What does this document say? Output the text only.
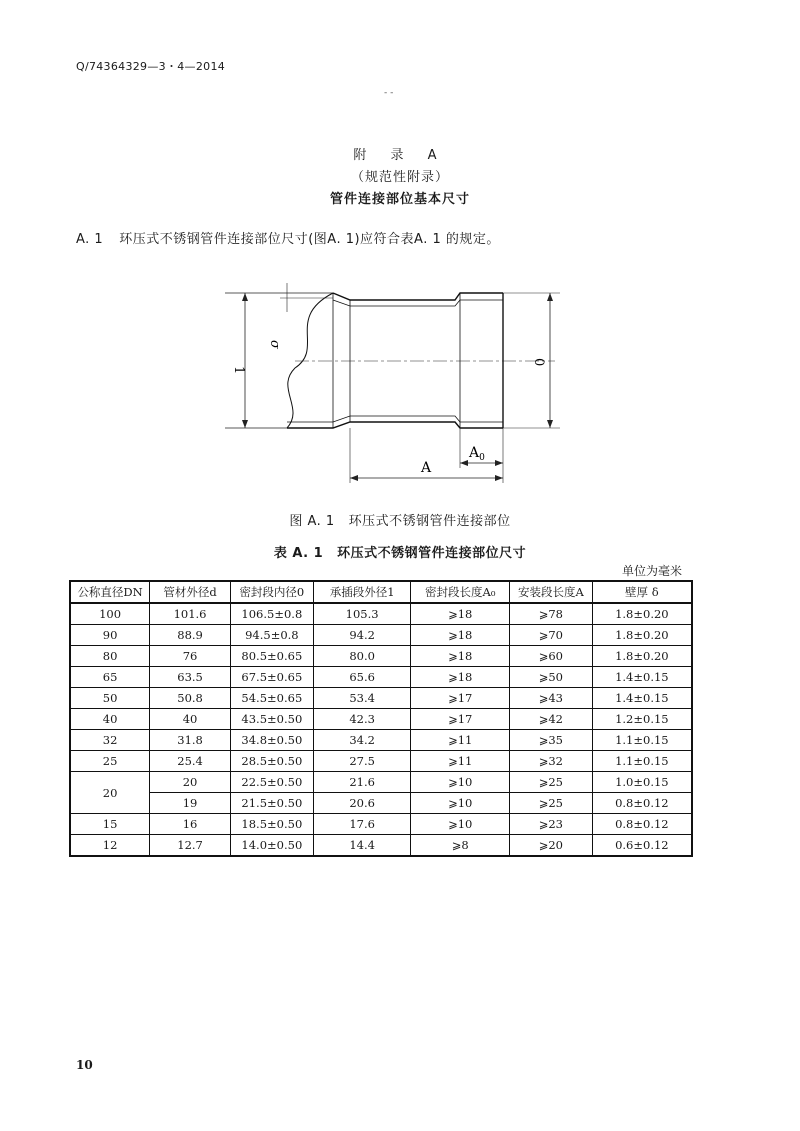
Q/74364329—3・4—2014
- -
附 录 A
（规范性附录）
管件连接部位基本尺寸
A. 1 环压式不锈钢管件连接部位尺寸(图A. 1)应符合表A. 1 的规定。
1
σ
0
A
$A_0$
图 A. 1 环压式不锈钢管件连接部位
表 A. 1 环压式不锈钢管件连接部位尺寸
单位为毫米
公称直径DN	管材外径d	密封段内径0	承插段外径1	密封段长度A₀	安装段长度A	壁厚 δ
100	101.6	106.5±0.8	105.3	⩾18	⩾78	1.8±0.20
90	88.9	94.5±0.8	94.2	⩾18	⩾70	1.8±0.20
80	76	80.5±0.65	80.0	⩾18	⩾60	1.8±0.20
65	63.5	67.5±0.65	65.6	⩾18	⩾50	1.4±0.15
50	50.8	54.5±0.65	53.4	⩾17	⩾43	1.4±0.15
40	40	43.5±0.50	42.3	⩾17	⩾42	1.2±0.15
32	31.8	34.8±0.50	34.2	⩾11	⩾35	1.1±0.15
25	25.4	28.5±0.50	27.5	⩾11	⩾32	1.1±0.15
20	20	22.5±0.50	21.6	⩾10	⩾25	1.0±0.15
	19	21.5±0.50	20.6	⩾10	⩾25	0.8±0.12
15	16	18.5±0.50	17.6	⩾10	⩾23	0.8±0.12
12	12.7	14.0±0.50	14.4	⩾8	⩾20	0.6±0.12
10
